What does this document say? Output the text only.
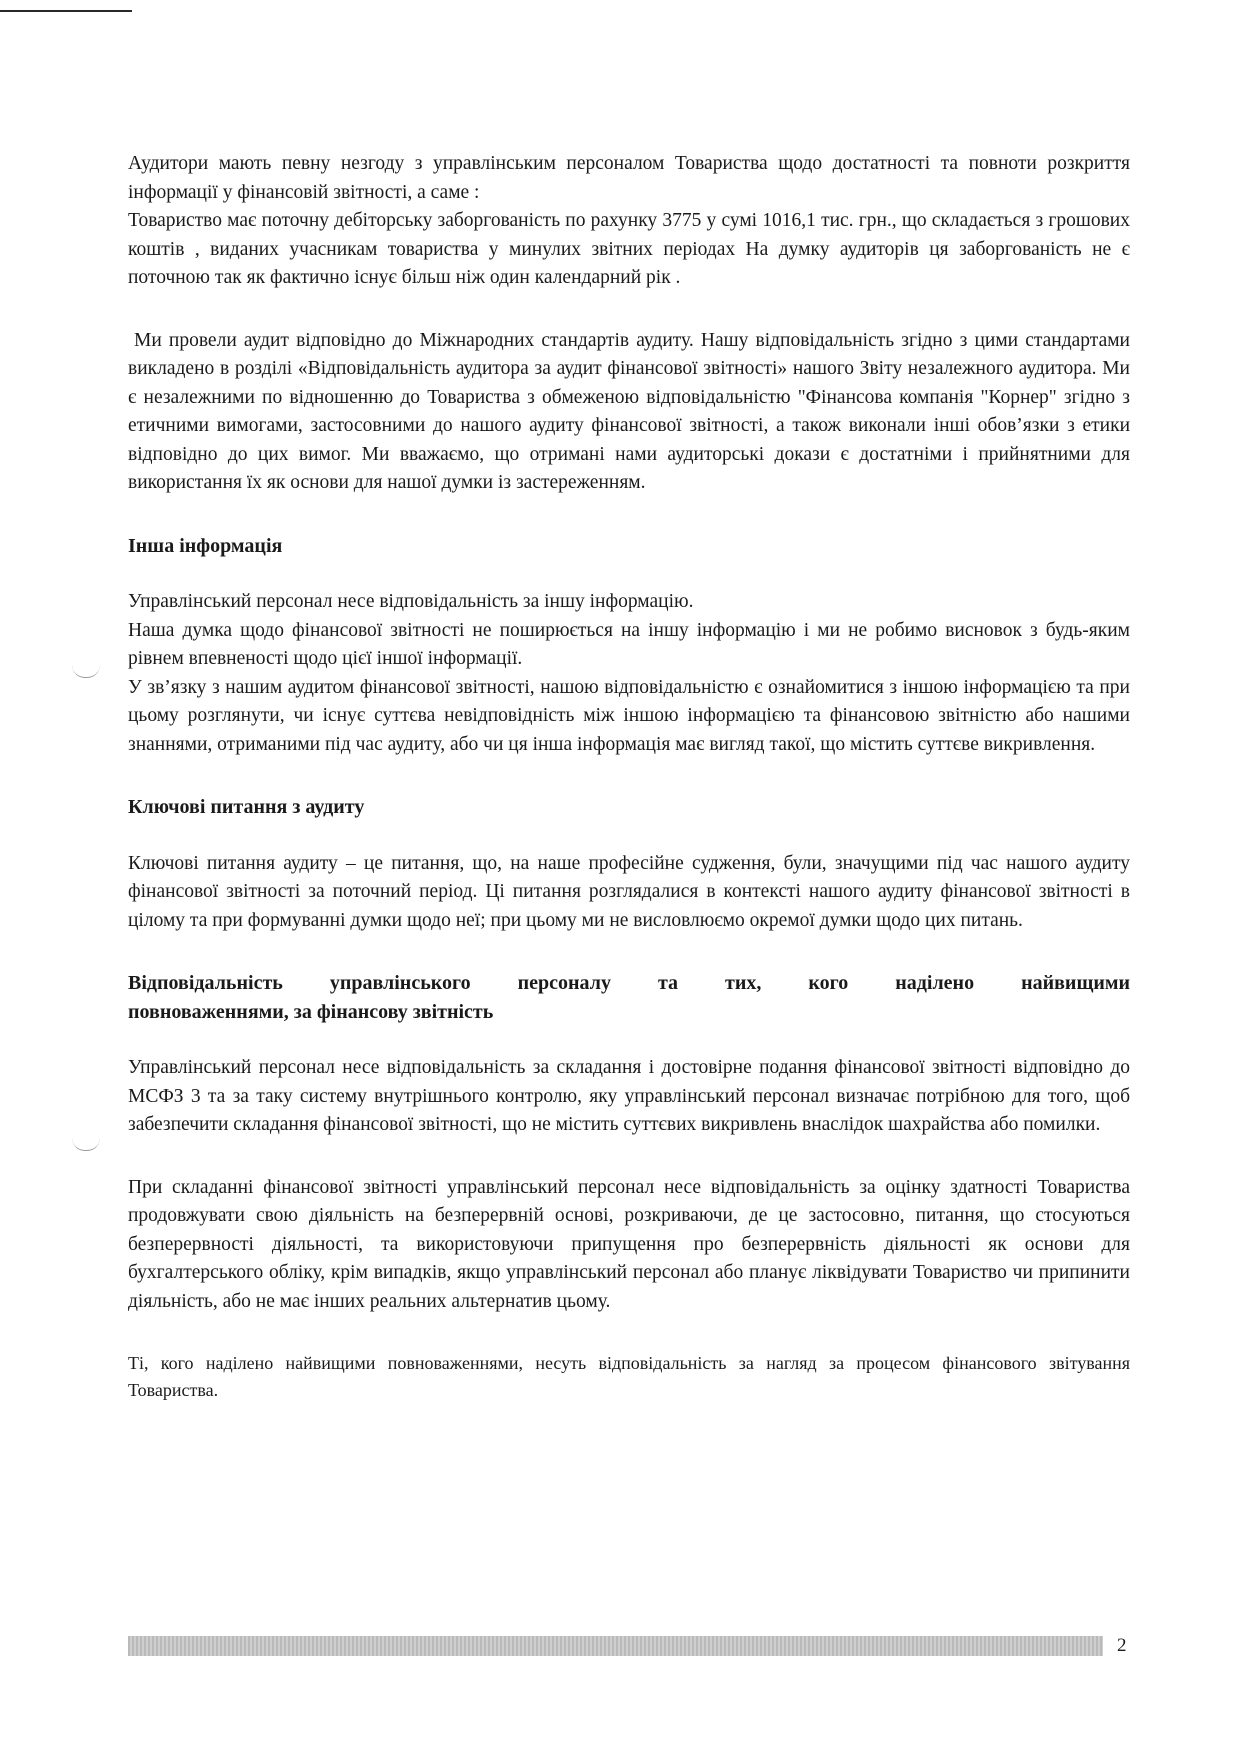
Аудитори мають певну незгоду з управлінським персоналом Товариства щодо достатності та повноти розкриття інформації у фінансовій звітності, а саме :

Товариство має поточну дебіторську заборгованість по рахунку 3775 у сумі 1016,1 тис. грн., що складається з грошових коштів , виданих учасникам товариства у минулих звітних періодах На думку аудиторів ця заборгованість не є поточною так як фактично існує більш ніж один календарний рік .

Ми провели аудит відповідно до Міжнародних стандартів аудиту. Нашу відповідальність згідно з цими стандартами викладено в розділі «Відповідальність аудитора за аудит фінансової звітності» нашого Звіту незалежного аудитора. Ми є незалежними по відношенню до Товариства з обмеженою відповідальністю "Фінансова компанія "Корнер" згідно з етичними вимогами, застосовними до нашого аудиту фінансової звітності, а також виконали інші обов’язки з етики відповідно до цих вимог. Ми вважаємо, що отримані нами аудиторські докази є достатніми і прийнятними для використання їх як основи для нашої думки із застереженням.

Інша інформація

Управлінський персонал несе відповідальність за іншу інформацію.

Наша думка щодо фінансової звітності не поширюється на іншу інформацію і ми не робимо висновок з будь-яким рівнем впевненості щодо цієї іншої інформації.

У зв’язку з нашим аудитом фінансової звітності, нашою відповідальністю є ознайомитися з іншою інформацією та при цьому розглянути, чи існує суттєва невідповідність між іншою інформацією та фінансовою звітністю або нашими знаннями, отриманими під час аудиту, або чи ця інша інформація має вигляд такої, що містить суттєве викривлення.

Ключові питання з аудиту

Ключові питання аудиту – це питання, що, на наше професійне судження, були, значущими під час нашого аудиту фінансової звітності за поточний період. Ці питання розглядалися в контексті нашого аудиту фінансової звітності в цілому та при формуванні думки щодо неї; при цьому ми не висловлюємо окремої думки щодо цих питань.

Відповідальність управлінського персоналу та тих, кого наділено найвищими
повноваженнями, за фінансову звітність

Управлінський персонал несе відповідальність за складання і достовірне подання фінансової звітності відповідно до МСФЗ 3 та за таку систему внутрішнього контролю, яку управлінський персонал визначає потрібною для того, щоб забезпечити складання фінансової звітності, що не містить суттєвих викривлень внаслідок шахрайства або помилки.

При складанні фінансової звітності управлінський персонал несе відповідальність за оцінку здатності Товариства продовжувати свою діяльність на безперервній основі, розкриваючи, де це застосовно, питання, що стосуються безперервності діяльності, та використовуючи припущення про безперервність діяльності як основи для бухгалтерського обліку, крім випадків, якщо управлінський персонал або планує ліквідувати Товариство чи припинити діяльність, або не має інших реальних альтернатив цьому.

Ті, кого наділено найвищими повноваженнями, несуть відповідальність за нагляд за процесом фінансового звітування Товариства.

2
